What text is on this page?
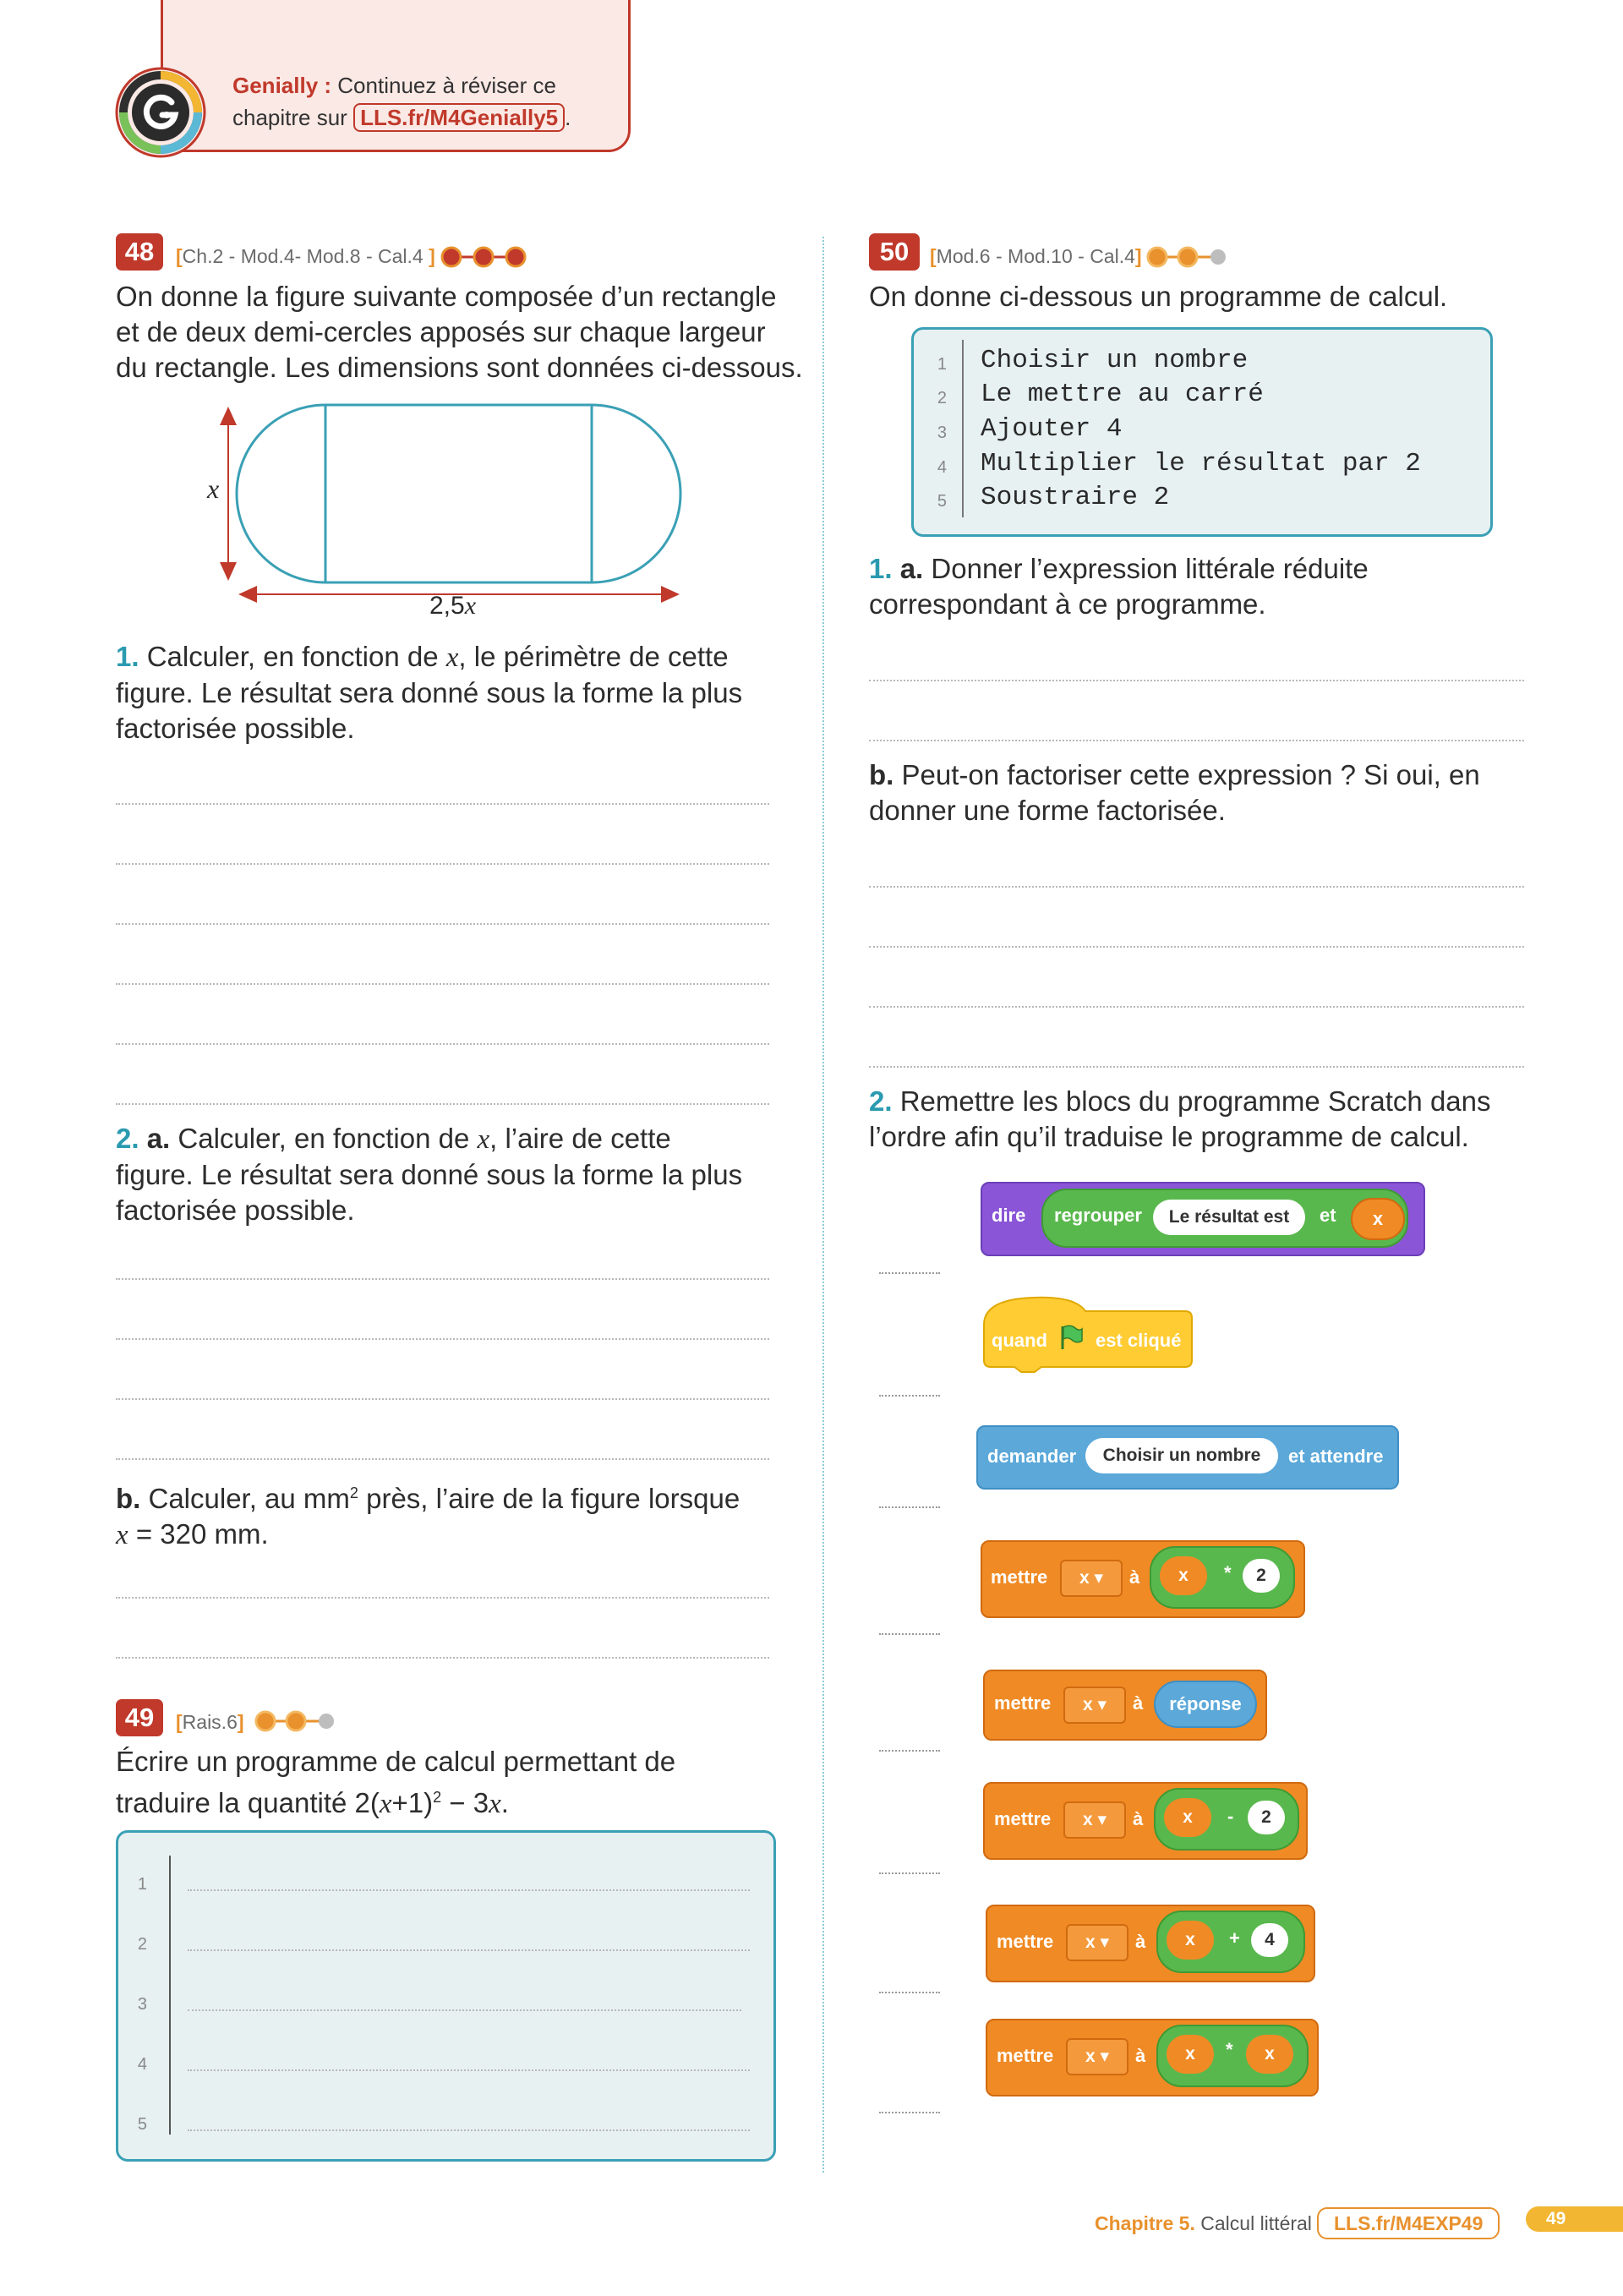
Genially : Continuez à réviser ce
chapitre sur LLS.fr/M4Genially5 .
48	[Ch.2 - Mod.4- Mod.8 - Cal.4 ]
On donne la figure suivante composée d’un rectangle
et de deux demi-cercles apposés sur chaque largeur
du rectangle. Les dimensions sont données ci-dessous.
x
2,5x
1. Calculer, en fonction de x, le périmètre de cette
figure. Le résultat sera donné sous la forme la plus
factorisée possible.
2. a. Calculer, en fonction de x, l’aire de cette
figure. Le résultat sera donné sous la forme la plus
factorisée possible.
b. Calculer, au $mm^2$ près, l’aire de la figure lorsque
x = 320 mm.
49	[Rais.6]
Écrire un programme de calcul permettant de
traduire la quantité $2(x+1)^2 - 3x$.
1
2
3
4
5
50	[Mod.6 - Mod.10 - Cal.4]
On donne ci-dessous un programme de calcul.
1
2
3
4
5
Choisir un nombre
Le mettre au carré
Ajouter 4
Multiplier le résultat par 2
Soustraire 2
1. a. Donner l’expression littérale réduite
correspondant à ce programme.
b. Peut-on factoriser cette expression ? Si oui, en
donner une forme factorisée.
2. Remettre les blocs du programme Scratch dans
l’ordre afin qu’il traduise le programme de calcul.
dire regrouper	Le résultat est	et	x
quand	est cliqué
demander	Choisir un nombre	et attendre
mettre	x ▾	à	x	*	2
mettre	x ▾	à	réponse
mettre	x ▾	à	x	-	2
mettre	x ▾	à	x	+	4
mettre	x ▾	à	x	*	x
Chapitre 5. Calcul littéral	LLS.fr/M4EXP49	49
